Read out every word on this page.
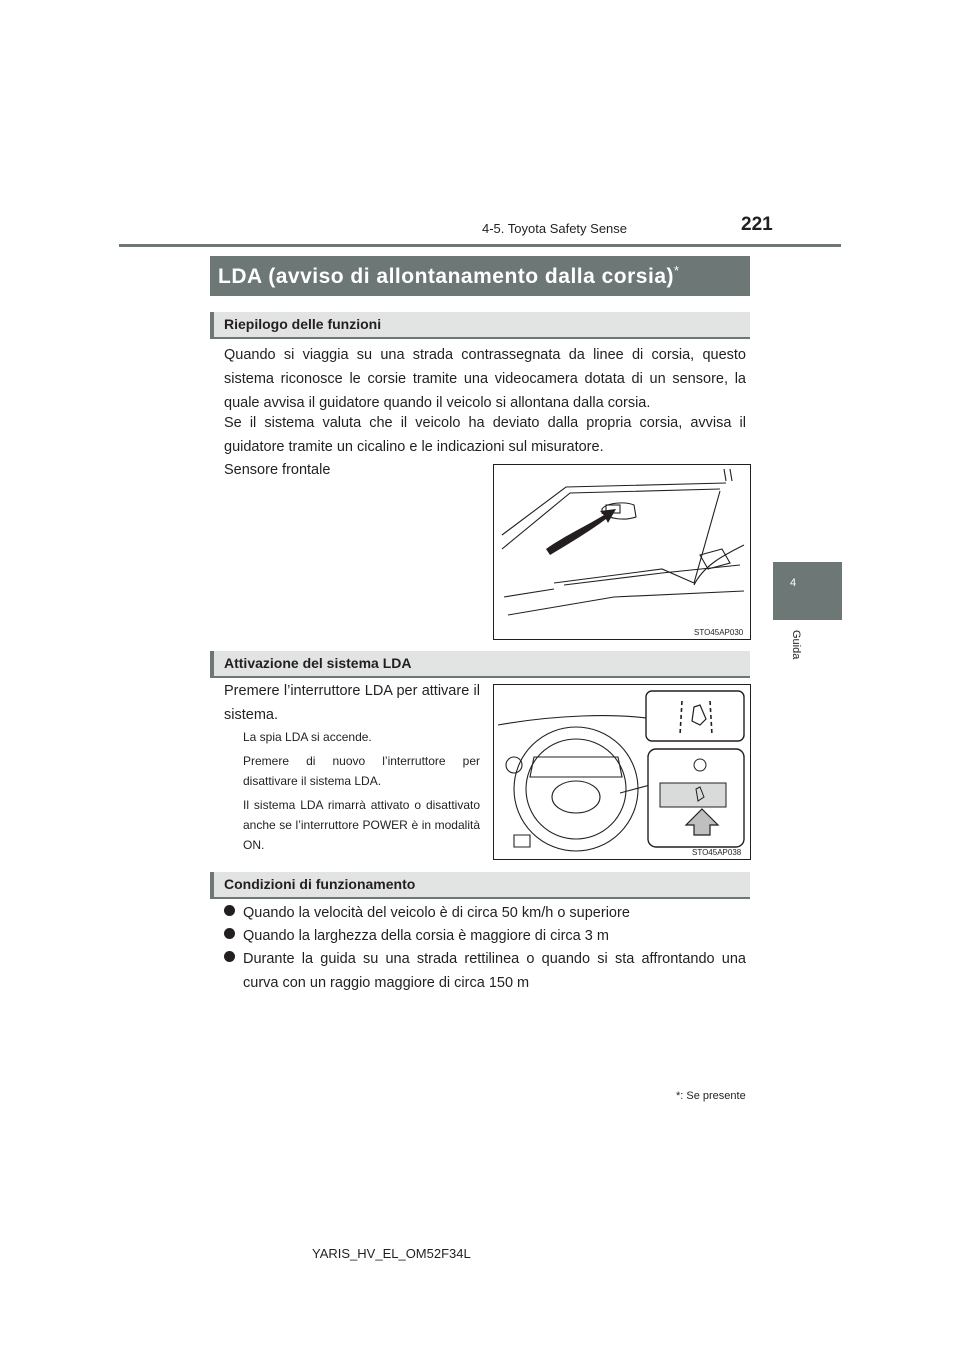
4-5. Toyota Safety Sense	221
4
Guida
LDA (avviso di allontanamento dalla corsia)*
Riepilogo delle funzioni

Quando si viaggia su una strada contrassegnata da linee di corsia, questo sistema riconosce le corsie tramite una videocamera dotata di un sensore, la quale avvisa il guidatore quando il veicolo si allontana dalla corsia.

Se il sistema valuta che il veicolo ha deviato dalla propria corsia, avvisa il guidatore tramite un cicalino e le indicazioni sul misuratore.

Sensore frontale
STO45AP030
Attivazione del sistema LDA

Premere l’interruttore LDA per attivare il sistema.

La spia LDA si accende.

Premere di nuovo l’interruttore per disattivare il sistema LDA.

Il sistema LDA rimarrà attivato o disattivato anche se l’interruttore POWER è in modalità ON.

STO45AP038
Condizioni di funzionamento
Quando la velocità del veicolo è di circa 50 km/h o superiore
Quando la larghezza della corsia è maggiore di circa 3 m
Durante la guida su una strada rettilinea o quando si sta affrontando una curva con un raggio maggiore di circa 150 m
*: Se presente
YARIS_HV_EL_OM52F34L
